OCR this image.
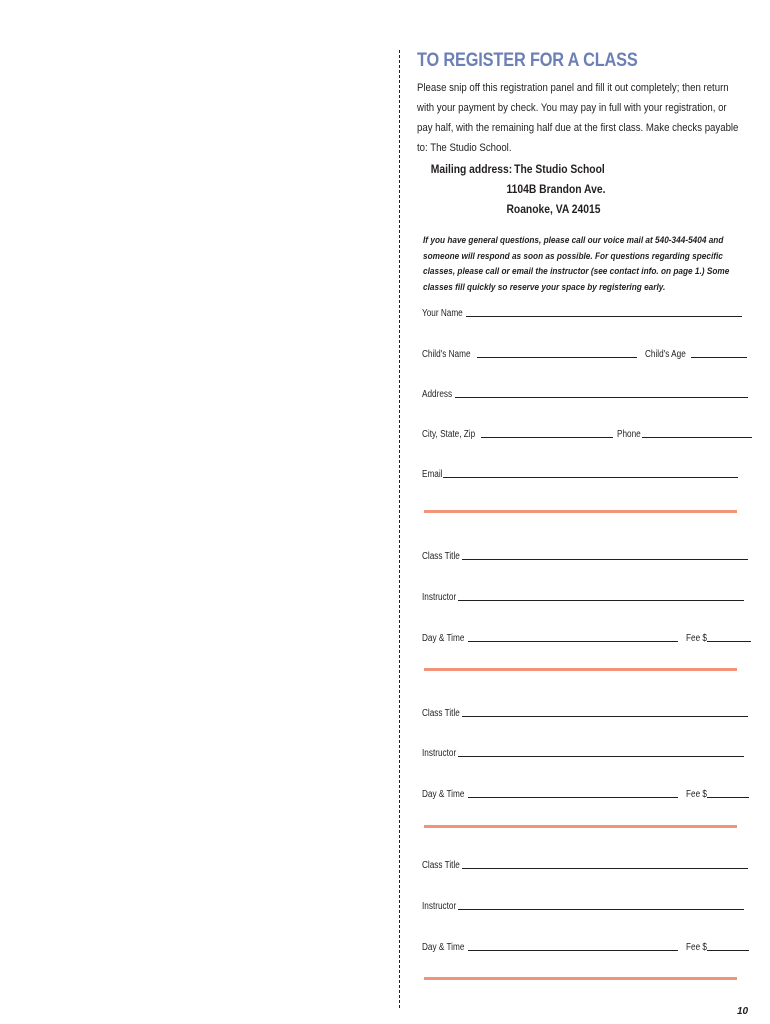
TO REGISTER FOR A CLASS

Please snip off this registration panel and fill it out completely; then return with your payment by check. You may pay in full with your registration, or pay half, with the remaining half due at the first class. Make checks payable to: The Studio School.

Mailing address: The Studio School
1104B Brandon Ave.
Roanoke, VA 24015
If you have general questions, please call our voice mail at 540-344-5404 and someone will respond as soon as possible. For questions regarding specific classes, please call or email the instructor (see contact info. on page 1.) Some classes fill quickly so reserve your space by registering early.
Your Name
Child's Name	Child's Age
Address
City, State, Zip	Phone
Email
Class Title
Instructor
Day & Time	Fee $
Class Title
Instructor
Day & Time	Fee $
Class Title
Instructor
Day & Time	Fee $
10
